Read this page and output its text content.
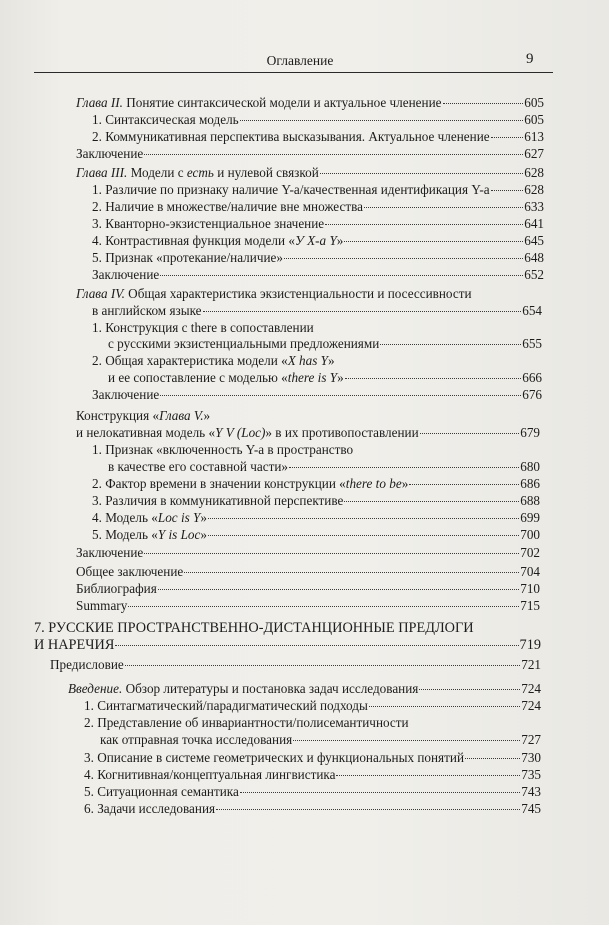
Оглавление	9
Глава II. Понятие синтаксической модели и актуальное членение	605
1. Синтаксическая модель	605
2. Коммуникативная перспектива высказывания. Актуальное членение	613
Заключение	627
Глава III. Модели с есть и нулевой связкой	628
1. Различие по признаку наличие Y-а/качественная идентификация Y-а	628
2. Наличие в множестве/наличие вне множества	633
3. Кванторно-экзистенциальное значение	641
4. Контрастивная функция модели «У Х-а Y»	645
5. Признак «протекание/наличие»	648
Заключение	652
Глава IV. Общая характеристика экзистенциальности и посессивности
в английском языке	654
1. Конструкция с there в сопоставлении
с русскими экзистенциальными предложениями	655
2. Общая характеристика модели «X has Y»
и ее сопоставление с моделью «there is Y»	666
Заключение	676
Конструкция «Глава V.»
и нелокативная модель «Y V (Loc)» в их противопоставлении	679
1. Признак «включенность Y-а в пространство
в качестве его составной части»	680
2. Фактор времени в значении конструкции «there to be»	686
3. Различия в коммуникативной перспективе	688
4. Модель «Loc is Y»	699
5. Модель «Y is Loc»	700
Заключение	702
Общее заключение	704
Библиография	710
Summary	715
7. РУССКИЕ ПРОСТРАНСТВЕННО-ДИСТАНЦИОННЫЕ ПРЕДЛОГИ
И НАРЕЧИЯ	719
Предисловие	721
Введение. Обзор литературы и постановка задач исследования	724
1. Синтагматический/парадигматический подходы	724
2. Представление об инвариантности/полисемантичности
как отправная точка исследования	727
3. Описание в системе геометрических и функциональных понятий	730
4. Когнитивная/концептуальная лингвистика	735
5. Ситуационная семантика	743
6. Задачи исследования	745
